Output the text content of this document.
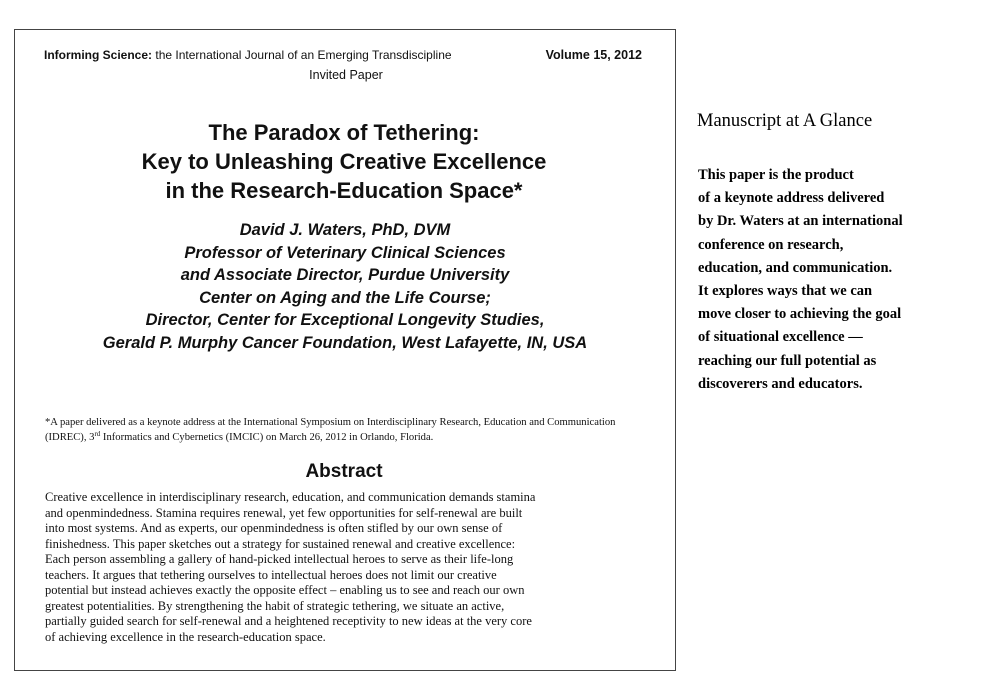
Informing Science: the International Journal of an Emerging Transdiscipline	Volume 15, 2012
Invited Paper
The Paradox of Tethering:
Key to Unleashing Creative Excellence
in the Research-Education Space*
David J. Waters, PhD, DVM
Professor of Veterinary Clinical Sciences
and Associate Director, Purdue University
Center on Aging and the Life Course;
Director, Center for Exceptional Longevity Studies,
Gerald P. Murphy Cancer Foundation, West Lafayette, IN, USA
*A paper delivered as a keynote address at the International Symposium on Interdisciplinary Research, Education and Communication (IDREC), 3rd Informatics and Cybernetics (IMCIC) on March 26, 2012 in Orlando, Florida.
Abstract
Creative excellence in interdisciplinary research, education, and communication demands stamina
and openmindedness. Stamina requires renewal, yet few opportunities for self-renewal are built
into most systems. And as experts, our openmindedness is often stifled by our own sense of
finishedness. This paper sketches out a strategy for sustained renewal and creative excellence:
Each person assembling a gallery of hand-picked intellectual heroes to serve as their life-long
teachers. It argues that tethering ourselves to intellectual heroes does not limit our creative
potential but instead achieves exactly the opposite effect – enabling us to see and reach our own
greatest potentialities. By strengthening the habit of strategic tethering, we situate an active,
partially guided search for self-renewal and a heightened receptivity to new ideas at the very core
of achieving excellence in the research-education space.
Manuscript at A Glance
This paper is the product
of a keynote address delivered
by Dr. Waters at an international
conference on research,
education, and communication.
It explores ways that we can
move closer to achieving the goal
of situational excellence —
reaching our full potential as
discoverers and educators.
